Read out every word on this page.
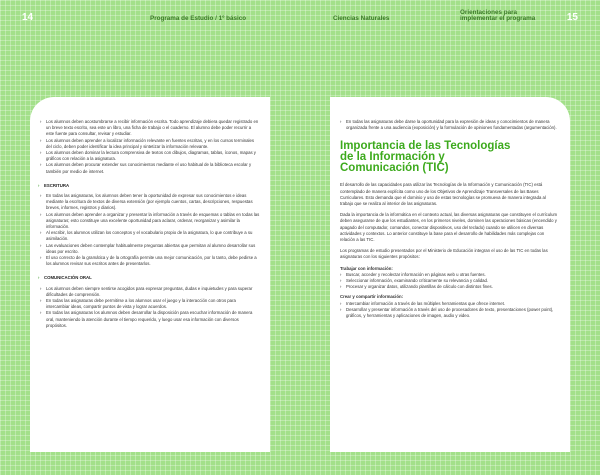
14	Programa de Estudio / 1º básico	Ciencias Naturales
Orientaciones para
implementar el programa	15
› Los alumnos deben acostumbrarse a recibir información escrita. Todo aprendizaje debiera quedar registrado en un breve texto escrito, sea este un libro, una ficha de trabajo o el cuaderno. El alumno debe poder recurrir a este fuente para consultar, revisar y estudiar.
› Los alumnos deben aprender a localizar información relevante en fuentes escritas, y en los cursos terminales del ciclo, deben poder identificar la idea principal y sintetizar la información relevante.
› Los alumnos deben dominar la lectura comprensiva de textos con dibujos, diagramas, tablas, íconos, mapas y gráficos con relación a la asignatura.
› Los alumnos deben procurar extender sus conocimientos mediante el uso habitual de la biblioteca escolar y también por medio de internet.
› ESCRITURA
› En todas las asignaturas, los alumnos deben tener la oportunidad de expresar sus conocimientos e ideas mediante la escritura de textos de diversa extensión (por ejemplo cuentos, cartas, descripciones, respuestas breves, informes, registros y diarios).
› Los alumnos deben aprender a organizar y presentar la información a través de esquemas o tablas en todas las asignaturas; esto constituye una excelente oportunidad para aclarar, ordenar, reorganizar y asimilar la información.
› Al escribir, los alumnos utilizan los conceptos y el vocabulario propio de la asignatura, lo que contribuye a su asimilación.
› Las evaluaciones deben contemplar habitualmente preguntas abiertas que permitan al alumno desarrollar sus ideas por escrito.
› El uso correcto de la gramática y de la ortografía permite una mejor comunicación, por lo tanto, debe pedirse a los alumnos revisar sus escritos antes de presentarlos.
› COMUNICACIÓN ORAL
› Los alumnos deben siempre sentirse acogidos para expresar preguntas, dudas e inquietudes y para superar dificultades de comprensión.
› En todas las asignaturas debe permitirse a los alumnos usar el juego y la interacción con otros para intercambiar ideas, compartir puntos de vista y lograr acuerdos.
› En todas las asignaturas los alumnos deben desarrollar la disposición para escuchar información de manera oral, manteniendo la atención durante el tiempo requerido, y luego usar esa información con diversos propósitos.
› En todas las asignaturas debe darse la oportunidad para la expresión de ideas y conocimientos de manera organizada frente a una audiencia (exposición) y la formulación de opiniones fundamentadas (argumentación).
Importancia de las Tecnologías
de la Información y
Comunicación (TIC)

El desarrollo de las capacidades para utilizar las Tecnologías de la Información y Comunicación (TIC) está contemplado de manera explícita como uno de los Objetivos de Aprendizaje Transversales de las Bases Curriculares. Esto demanda que el dominio y uso de estas tecnologías se promueva de manera integrada al trabajo que se realiza al interior de las asignaturas.

Dada la importancia de la informática en el contexto actual, las diversas asignaturas que constituyen el currículum deben asegurarse de que los estudiantes, en los primeros niveles, dominen las operaciones básicas (encendido y apagado del computador, comandos, conectar dispositivos, uso del teclado) cuando se utilicen en diversas actividades y contextos. Lo anterior constituye la base para el desarrollo de habilidades más complejas con relación a las TIC.

Los programas de estudio presentados por el Ministerio de Educación integran el uso de las TIC en todas las asignaturas con los siguientes propósitos:

Trabajar con información:
› Buscar, acceder y recolectar información en páginas web u otras fuentes.
› Seleccionar información, examinando críticamente su relevancia y calidad.
› Procesar y organizar datos, utilizando plantillas de cálculo con distintos fines.
Crear y compartir información:
› Intercambiar información a través de las múltiples herramientas que ofrece internet.
› Desarrollar y presentar información a través del uso de procesadores de texto, presentaciones (power point), gráficos, y herramientas y aplicaciones de imagen, audio y video.
